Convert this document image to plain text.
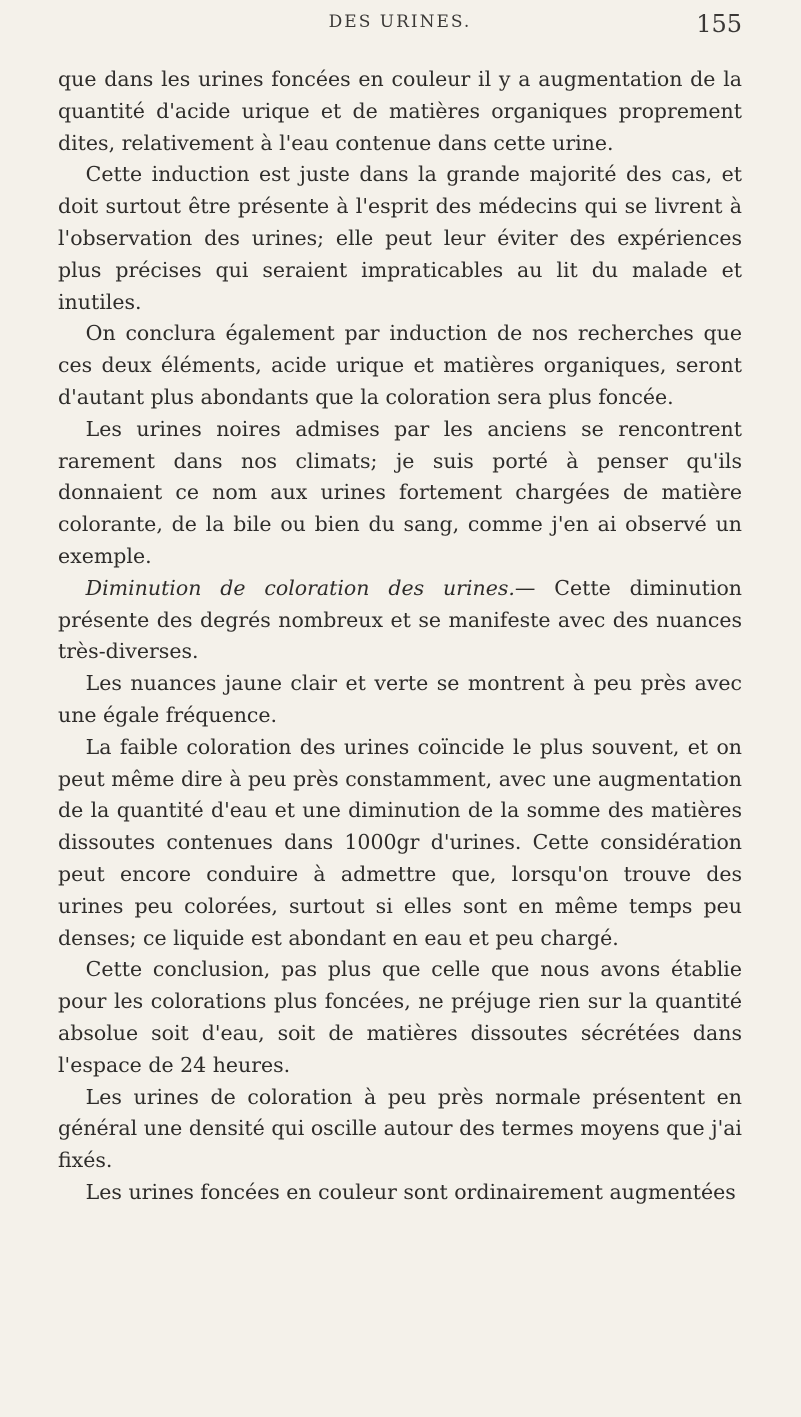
DES URINES.	155

que dans les urines foncées en couleur il y a augmentation de la quantité d'acide urique et de matières organiques proprement dites, relativement à l'eau contenue dans cette urine.

Cette induction est juste dans la grande majorité des cas, et doit surtout être présente à l'esprit des médecins qui se livrent à l'observation des urines; elle peut leur éviter des expériences plus précises qui seraient impraticables au lit du malade et inutiles.

On conclura également par induction de nos recherches que ces deux éléments, acide urique et matières organiques, seront d'autant plus abondants que la coloration sera plus foncée.

Les urines noires admises par les anciens se rencontrent rarement dans nos climats; je suis porté à penser qu'ils donnaient ce nom aux urines fortement chargées de matière colorante, de la bile ou bien du sang, comme j'en ai observé un exemple.

Diminution de coloration des urines.— Cette diminution présente des degrés nombreux et se manifeste avec des nuances très-diverses.

Les nuances jaune clair et verte se montrent à peu près avec une égale fréquence.

La faible coloration des urines coïncide le plus souvent, et on peut même dire à peu près constamment, avec une augmentation de la quantité d'eau et une diminution de la somme des matières dissoutes contenues dans 1000gr d'urines. Cette considération peut encore conduire à admettre que, lorsqu'on trouve des urines peu colorées, surtout si elles sont en même temps peu denses; ce liquide est abondant en eau et peu chargé.

Cette conclusion, pas plus que celle que nous avons établie pour les colorations plus foncées, ne préjuge rien sur la quantité absolue soit d'eau, soit de matières dissoutes sécrétées dans l'espace de 24 heures.

Les urines de coloration à peu près normale présentent en général une densité qui oscille autour des termes moyens que j'ai fixés.

Les urines foncées en couleur sont ordinairement augmentées
